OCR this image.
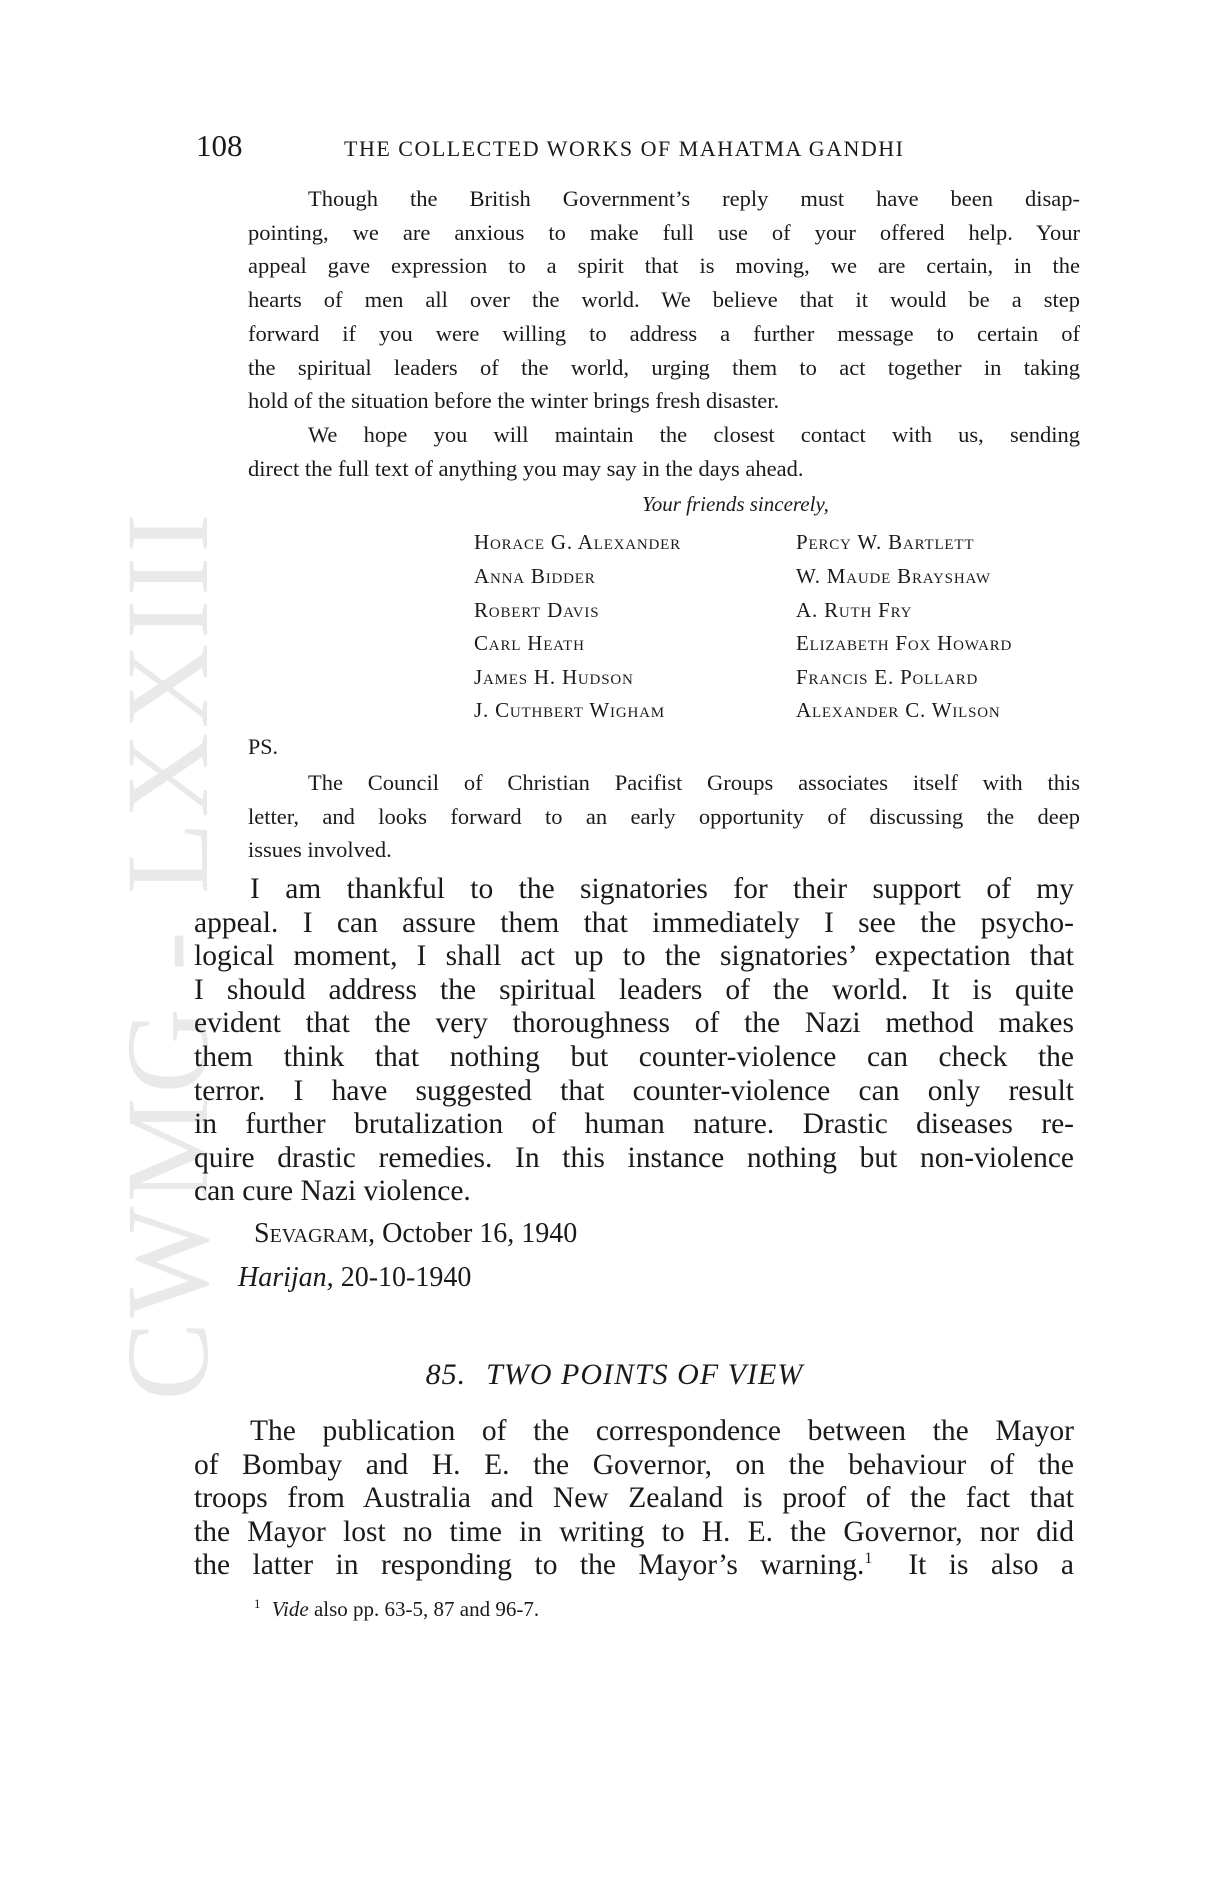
CWMG - LXXIII
108	THE COLLECTED WORKS OF MAHATMA GANDHI
Though the British Government’s reply must have been disap-
pointing, we are anxious to make full use of your offered help. Your
appeal gave expression to a spirit that is moving, we are certain, in the
hearts of men all over the world. We believe that it would be a step
forward if you were willing to address a further message to certain of
the spiritual leaders of the world, urging them to act together in taking
hold of the situation before the winter brings fresh disaster.
We hope you will maintain the closest contact with us, sending
direct the full text of anything you may say in the days ahead.
Your friends sincerely,
Horace G. Alexander
Anna Bidder
Robert Davis
Carl Heath
James H. Hudson
J. Cuthbert Wigham
Percy W. Bartlett
W. Maude Brayshaw
A. Ruth Fry
Elizabeth Fox Howard
Francis E. Pollard
Alexander C. Wilson
PS.
The Council of Christian Pacifist Groups associates itself with this
letter, and looks forward to an early opportunity of discussing the deep
issues involved.
I am thankful to the signatories for their support of my
appeal. I can assure them that immediately I see the psycho-
logical moment, I shall act up to the signatories’ expectation that
I should address the spiritual leaders of the world. It is quite
evident that the very thoroughness of the Nazi method makes
them think that nothing but counter-violence can check the
terror. I have suggested that counter-violence can only result
in further brutalization of human nature. Drastic diseases re-
quire drastic remedies. In this instance nothing but non-violence
can cure Nazi violence.
Sevagram, October 16, 1940
Harijan, 20-10-1940
85. TWO POINTS OF VIEW
The publication of the correspondence between the Mayor
of Bombay and H. E. the Governor, on the behaviour of the
troops from Australia and New Zealand is proof of the fact that
the Mayor lost no time in writing to H. E. the Governor, nor did
the latter in responding to the Mayor’s warning.$^1$ It is also a
$^1$ Vide also pp. 63-5, 87 and 96-7.
